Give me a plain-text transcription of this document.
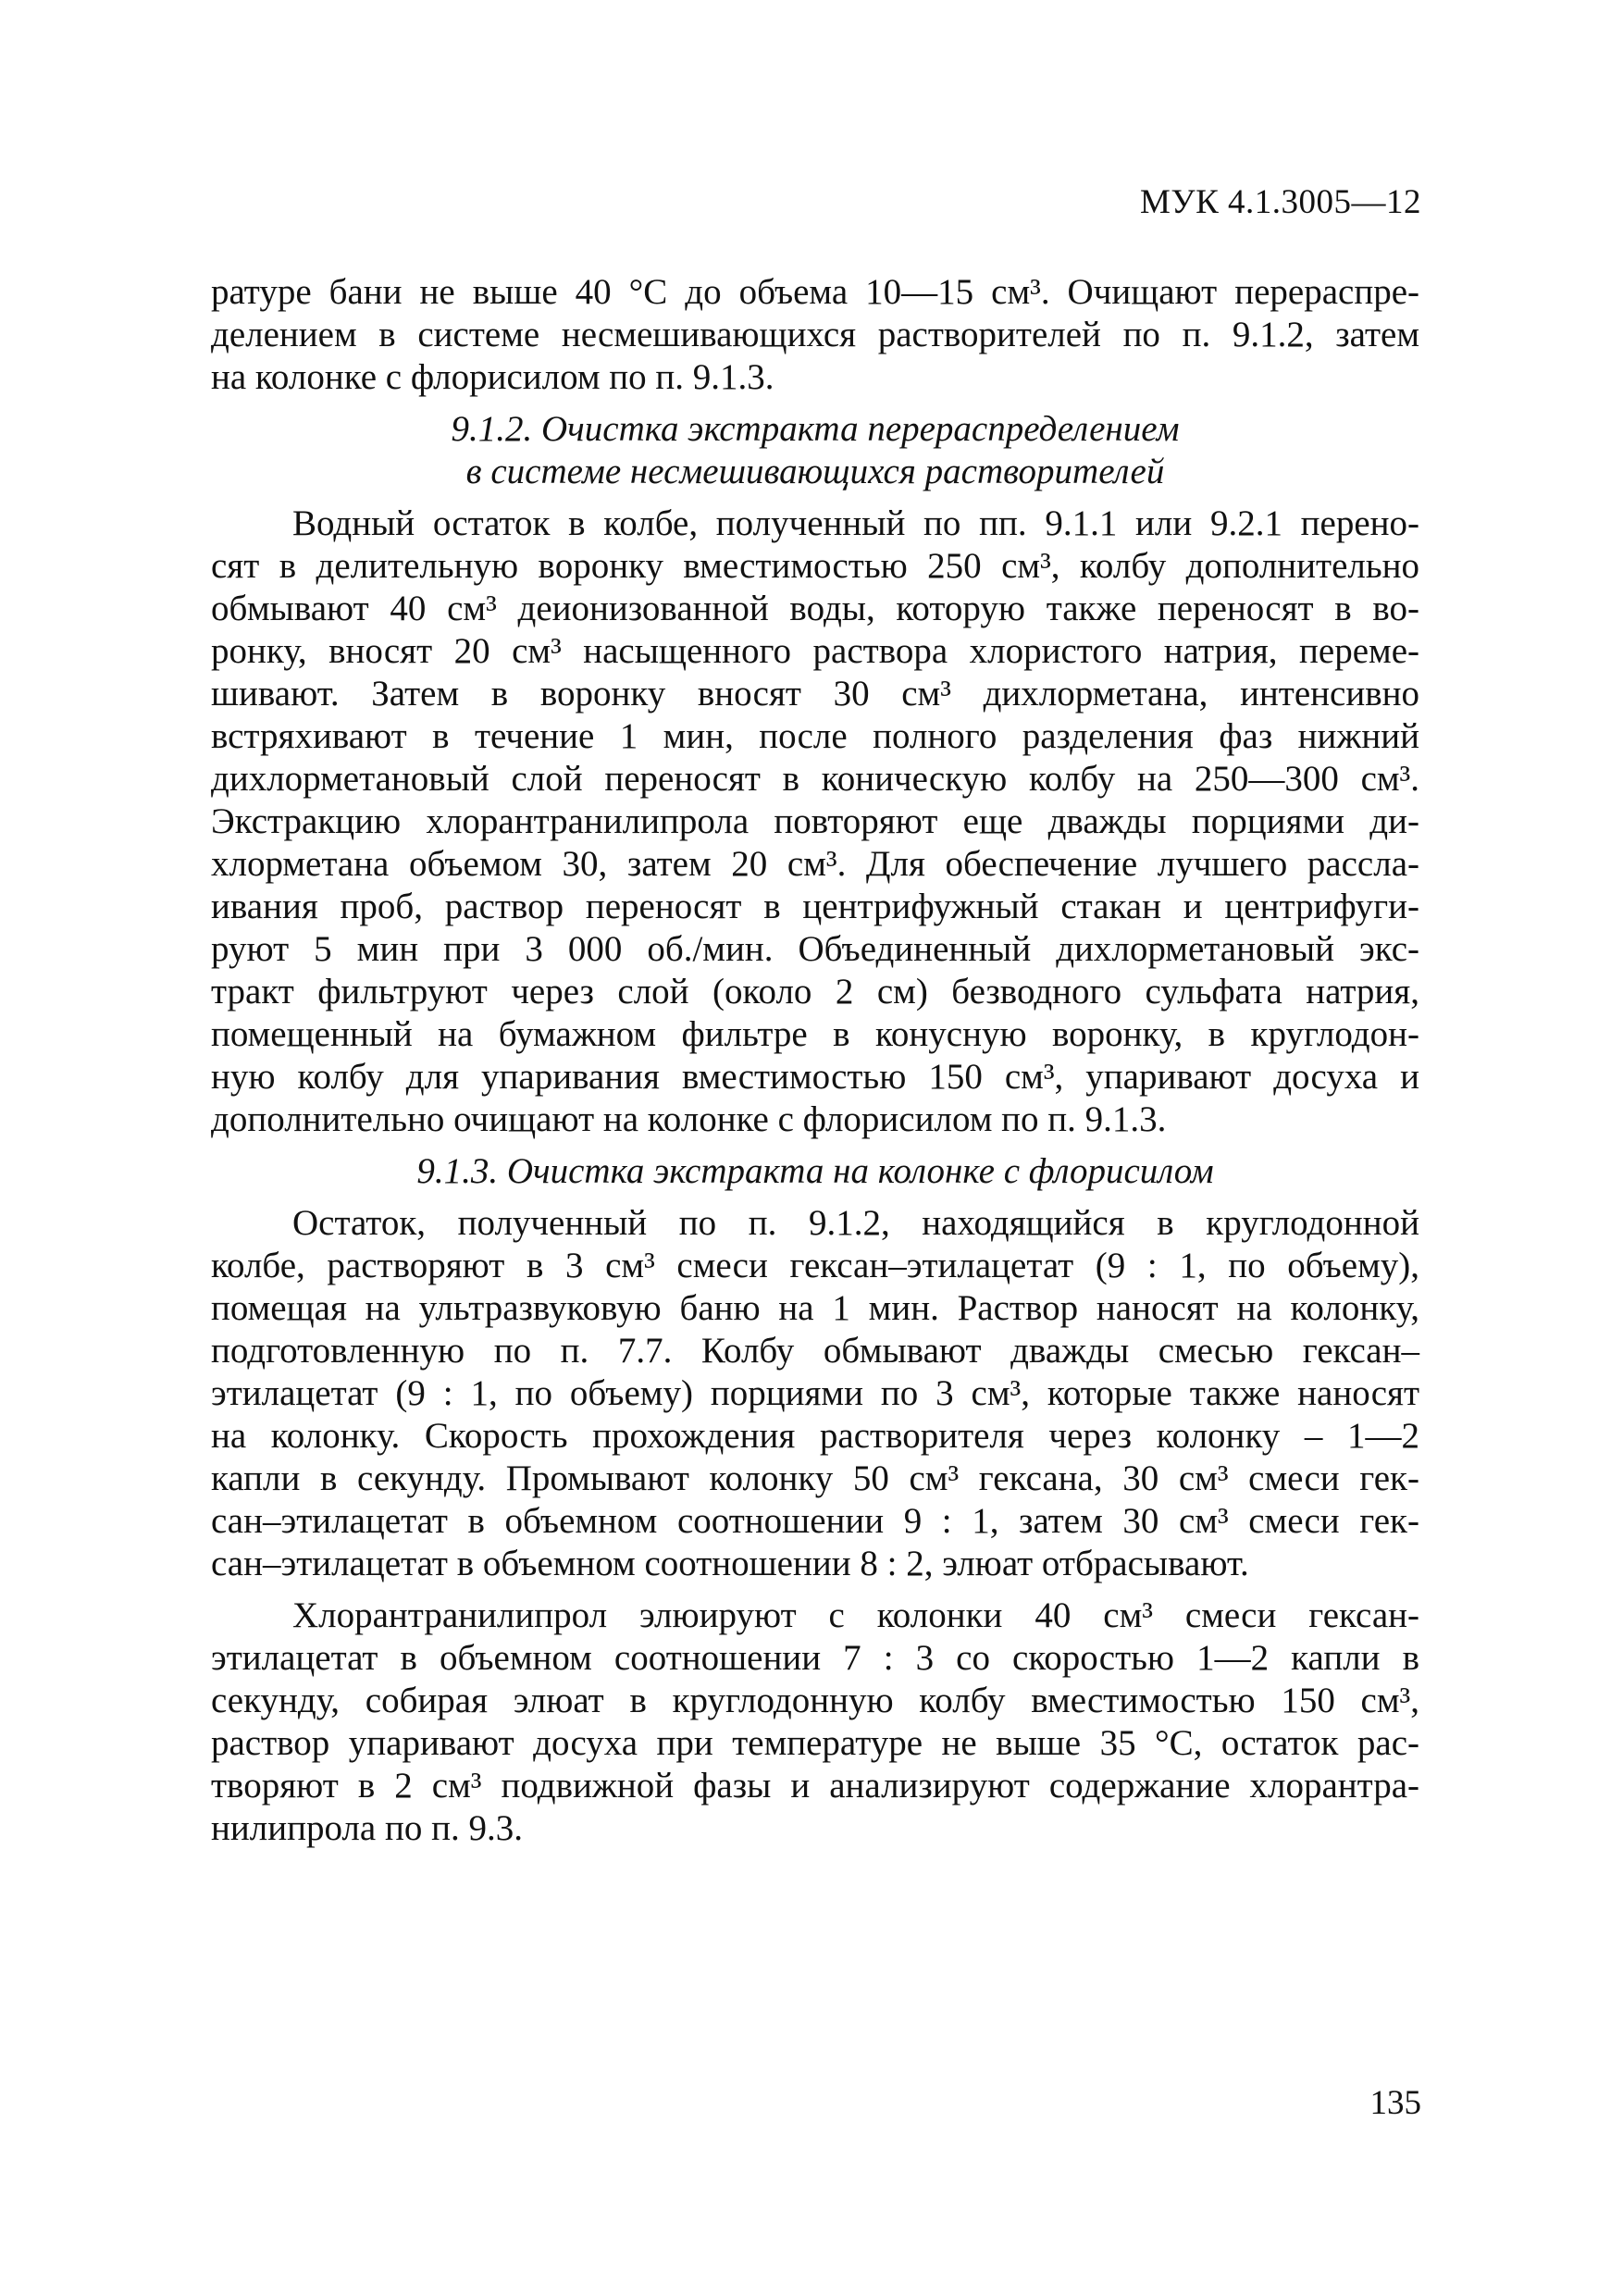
МУК 4.1.3005—12
ратуре бани не выше 40 °С до объема 10—15 см³. Очищают перераспре-
делением в системе несмешивающихся растворителей по п. 9.1.2, затем
на колонке с флорисилом по п. 9.1.3.
9.1.2. Очистка экстракта перераспределением
в системе несмешивающихся растворителей
Водный остаток в колбе, полученный по пп. 9.1.1 или 9.2.1 перено-
сят в делительную воронку вместимостью 250 см³, колбу дополнительно
обмывают 40 см³ деионизованной воды, которую также переносят в во-
ронку, вносят 20 см³ насыщенного раствора хлористого натрия, переме-
шивают. Затем в воронку вносят 30 см³ дихлорметана, интенсивно
встряхивают в течение 1 мин, после полного разделения фаз нижний
дихлорметановый слой переносят в коническую колбу на 250—300 см³.
Экстракцию хлорантранилипрола повторяют еще дважды порциями ди-
хлорметана объемом 30, затем 20 см³. Для обеспечение лучшего рассла-
ивания проб, раствор переносят в центрифужный стакан и центрифуги-
руют 5 мин при 3 000 об./мин. Объединенный дихлорметановый экс-
тракт фильтруют через слой (около 2 см) безводного сульфата натрия,
помещенный на бумажном фильтре в конусную воронку, в круглодон-
ную колбу для упаривания вместимостью 150 см³, упаривают досуха и
дополнительно очищают на колонке с флорисилом по п. 9.1.3.
9.1.3. Очистка экстракта на колонке с флорисилом
Остаток, полученный по п. 9.1.2, находящийся в круглодонной
колбе, растворяют в 3 см³ смеси гексан–этилацетат (9 : 1, по объему),
помещая на ультразвуковую баню на 1 мин. Раствор наносят на колонку,
подготовленную по п. 7.7. Колбу обмывают дважды смесью гексан–
этилацетат (9 : 1, по объему) порциями по 3 см³, которые также наносят
на колонку. Скорость прохождения растворителя через колонку – 1—2
капли в секунду. Промывают колонку 50 см³ гексана, 30 см³ смеси гек-
сан–этилацетат в объемном соотношении 9 : 1, затем 30 см³ смеси гек-
сан–этилацетат в объемном соотношении 8 : 2, элюат отбрасывают.
Хлорантранилипрол элюируют с колонки 40 см³ смеси гексан-
этилацетат в объемном соотношении 7 : 3 со скоростью 1—2 капли в
секунду, собирая элюат в круглодонную колбу вместимостью 150 см³,
раствор упаривают досуха при температуре не выше 35 °С, остаток рас-
творяют в 2 см³ подвижной фазы и анализируют содержание хлорантра-
нилипрола по п. 9.3.
135
